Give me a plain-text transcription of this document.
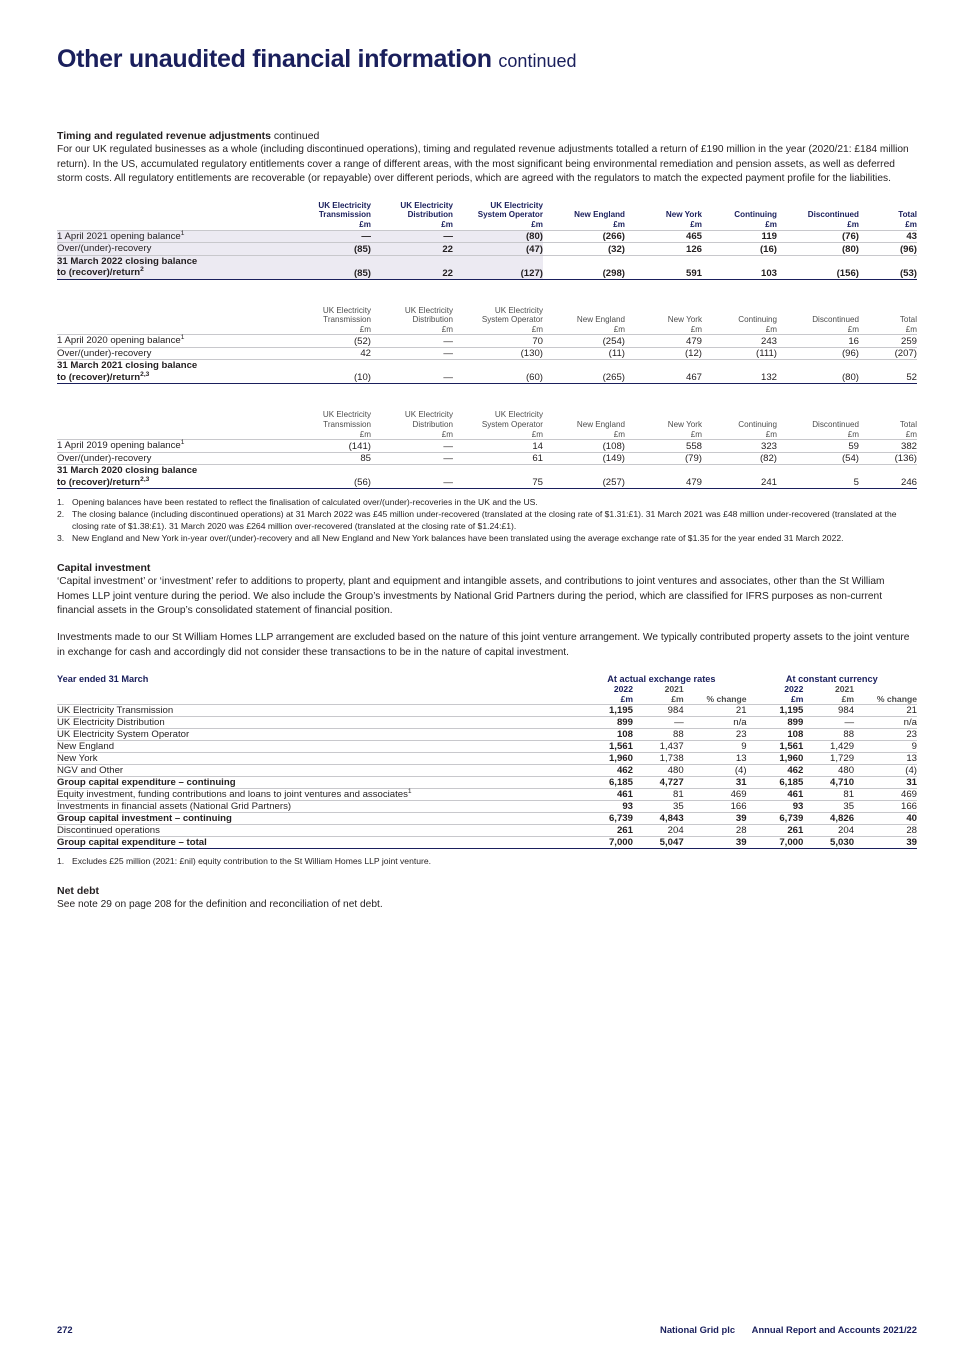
Other unaudited financial information continued
Timing and regulated revenue adjustments continued

For our UK regulated businesses as a whole (including discontinued operations), timing and regulated revenue adjustments totalled a return of £190 million in the year (2020/21: £184 million return). In the US, accumulated regulatory entitlements cover a range of different areas, with the most significant being environmental remediation and pension assets, as well as deferred storm costs. All regulatory entitlements are recoverable (or repayable) over different periods, which are agreed with the regulators to match the expected payment profile for the liabilities.

	UK Electricity
Transmission
£m	UK Electricity
Distribution
£m	UK Electricity
System Operator
£m	New England
£m	New York
£m	Continuing
£m	Discontinued
£m	Total
£m
1 April 2021 opening balance$^1$	—	—	(80)	(266)	465	119	(76)	43
Over/(under)-recovery	(85)	22	(47)	(32)	126	(16)	(80)	(96)
31 March 2022 closing balance
to (recover)/return$^2$	(85)	22	(127)	(298)	591	103	(156)	(53)
	UK Electricity
Transmission
£m	UK Electricity
Distribution
£m	UK Electricity
System Operator
£m	New England
£m	New York
£m	Continuing
£m	Discontinued
£m	Total
£m
1 April 2020 opening balance$^1$	(52)	—	70	(254)	479	243	16	259
Over/(under)-recovery	42	—	(130)	(11)	(12)	(111)	(96)	(207)
31 March 2021 closing balance
to (recover)/return$^{2,3}$	(10)	—	(60)	(265)	467	132	(80)	52
	UK Electricity
Transmission
£m	UK Electricity
Distribution
£m	UK Electricity
System Operator
£m	New England
£m	New York
£m	Continuing
£m	Discontinued
£m	Total
£m
1 April 2019 opening balance$^1$	(141)	—	14	(108)	558	323	59	382
Over/(under)-recovery	85	—	61	(149)	(79)	(82)	(54)	(136)
31 March 2020 closing balance
to (recover)/return$^{2,3}$	(56)	—	75	(257)	479	241	5	246
1. Opening balances have been restated to reflect the finalisation of calculated over/(under)-recoveries in the UK and the US.
2. The closing balance (including discontinued operations) at 31 March 2022 was £45 million under-recovered (translated at the closing rate of $1.31:£1). 31 March 2021 was £48 million under-recovered (translated at the closing rate of $1.38:£1). 31 March 2020 was £264 million over-recovered (translated at the closing rate of $1.24:£1).
3. New England and New York in-year over/(under)-recovery and all New England and New York balances have been translated using the average exchange rate of $1.35 for the year ended 31 March 2022.
Capital investment

‘Capital investment’ or ‘investment’ refer to additions to property, plant and equipment and intangible assets, and contributions to joint ventures and associates, other than the St William Homes LLP joint venture during the period. We also include the Group’s investments by National Grid Partners during the period, which are classified for IFRS purposes as non-current financial assets in the Group’s consolidated statement of financial position.

Investments made to our St William Homes LLP arrangement are excluded based on the nature of this joint venture arrangement. We typically contributed property assets to the joint venture in exchange for cash and accordingly did not consider these transactions to be in the nature of capital investment.

Year ended 31 March	At actual exchange rates			At constant currency		
	2022
£m	2021
£m	% change	2022
£m	2021
£m	% change
UK Electricity Transmission	1,195	984	21	1,195	984	21
UK Electricity Distribution	899	—	n/a	899	—	n/a
UK Electricity System Operator	108	88	23	108	88	23
New England	1,561	1,437	9	1,561	1,429	9
New York	1,960	1,738	13	1,960	1,729	13
NGV and Other	462	480	(4)	462	480	(4)
Group capital expenditure – continuing	6,185	4,727	31	6,185	4,710	31
Equity investment, funding contributions and loans to joint ventures and associates$^1$	461	81	469	461	81	469
Investments in financial assets (National Grid Partners)	93	35	166	93	35	166
Group capital investment – continuing	6,739	4,843	39	6,739	4,826	40
Discontinued operations	261	204	28	261	204	28
Group capital expenditure – total	7,000	5,047	39	7,000	5,030	39
1. Excludes £25 million (2021: £nil) equity contribution to the St William Homes LLP joint venture.
Net debt

See note 29 on page 208 for the definition and reconciliation of net debt.

272	National Grid plc Annual Report and Accounts 2021/22
